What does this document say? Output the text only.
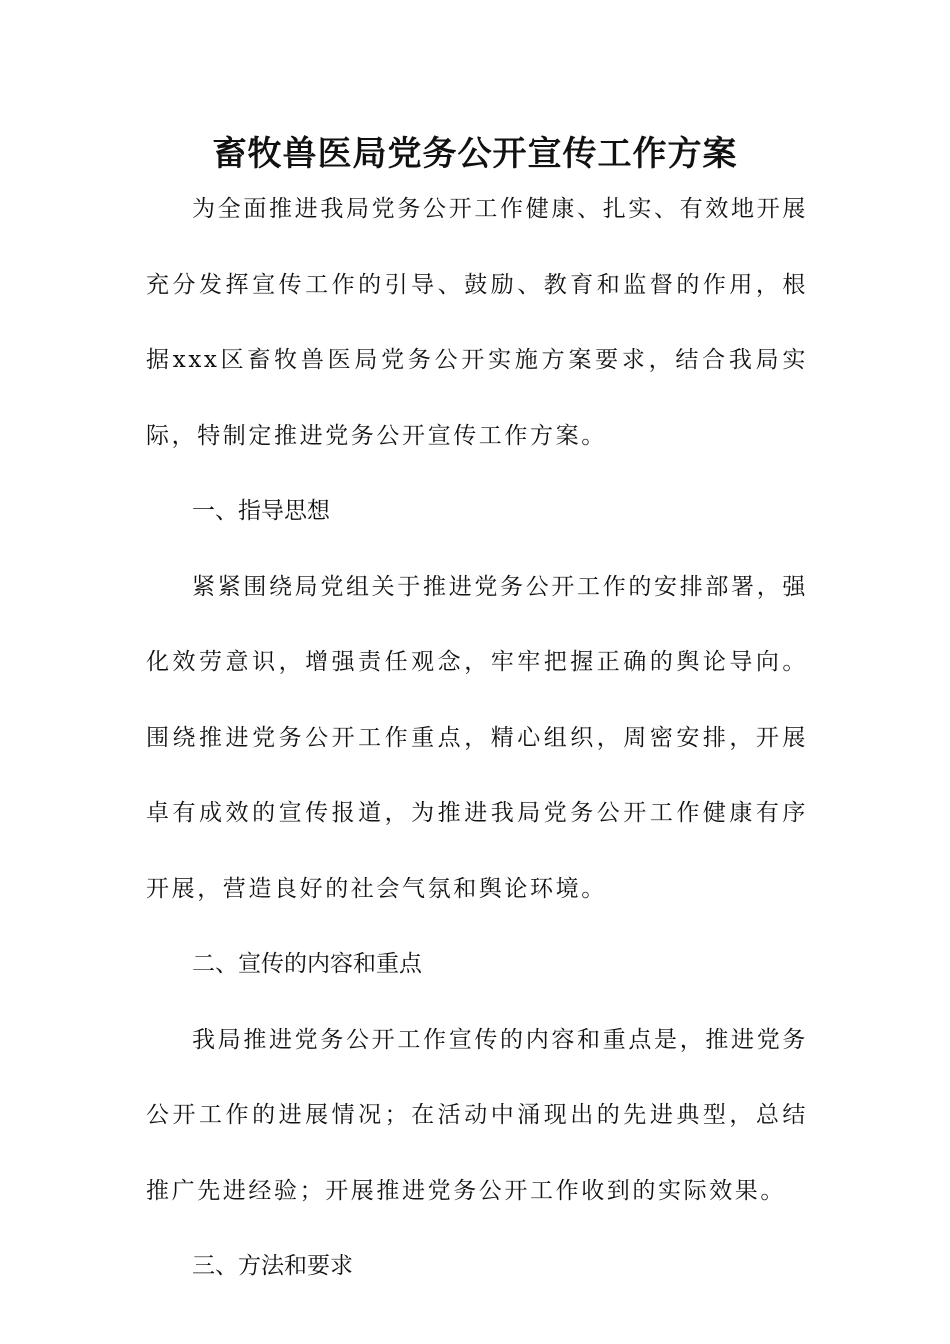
畜牧兽医局党务公开宣传工作方案

为全面推进我局党务公开工作健康、扎实、有效地开展充分发挥宣传工作的引导、鼓励、教育和监督的作用，根据xxx区畜牧兽医局党务公开实施方案要求，结合我局实际，特制定推进党务公开宣传工作方案。

一、指导思想

紧紧围绕局党组关于推进党务公开工作的安排部署，强化效劳意识，增强责任观念，牢牢把握正确的舆论导向。围绕推进党务公开工作重点，精心组织，周密安排，开展卓有成效的宣传报道，为推进我局党务公开工作健康有序开展，营造良好的社会气氛和舆论环境。

二、宣传的内容和重点

我局推进党务公开工作宣传的内容和重点是，推进党务公开工作的进展情况；在活动中涌现出的先进典型，总结推广先进经验；开展推进党务公开工作收到的实际效果。

三、方法和要求
